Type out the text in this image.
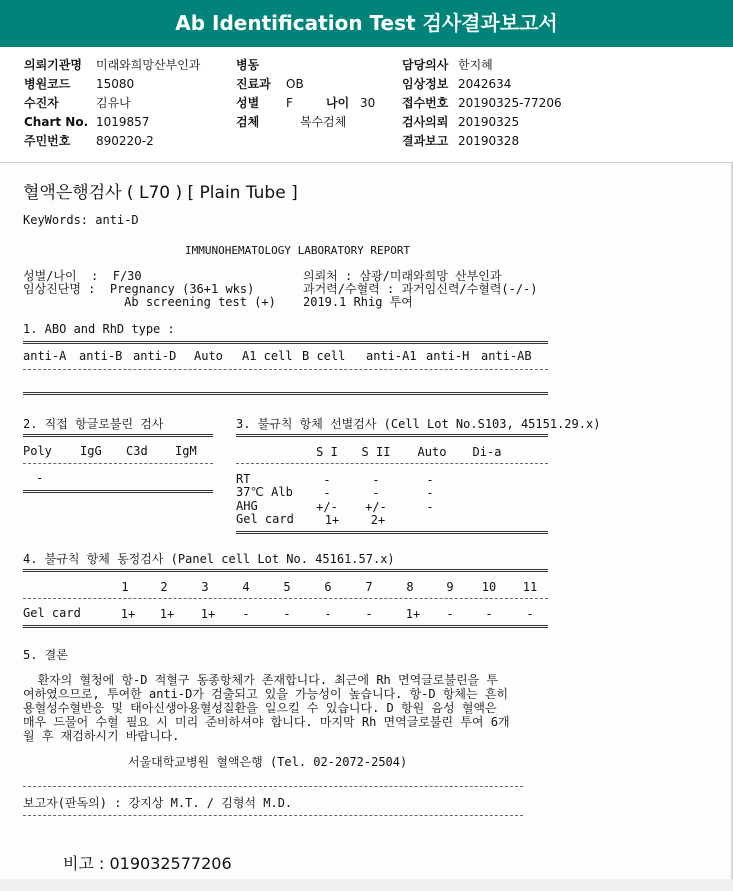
Ab Identification Test 검사결과보고서
의뢰기관명 미래와희망산부인과
병원코드 15080
수진자	김유나
Chart No. 1019857
주민번호 890220-2
병동
진료과 OB
성별 F	나이 30
검체	복수검체
담당의사 한지혜
임상정보 2042634
접수번호 20190325-77206
검사의뢰 20190325
결과보고 20190328
혈액은행검사 ( L70 ) [ Plain Tube ]
KeyWords: anti-D
IMMUNOHEMATOLOGY LABORATORY REPORT
성별/나이  :  F/30
임상진단명 :  Pregnancy (36+1 wks)
Ab screening test (+)
의뢰처 : 삼광/미래와희망 산부인과
과거력/수혈력 : 과거임신력/수혈력(-/-)
2019.1 Rhig 투여
1. ABO and RhD type :
anti-A anti-B anti-D Auto A1 cell B cell anti-A1 anti-H anti-AB
2. 직접 항글로불린 검사
Poly IgG C3d IgM
-
3. 불규칙 항체 선별검사 (Cell Lot No.S103, 45151.29.x)
S I	S II Auto Di-a
RT	-	-	-
37℃ Alb	-	-	-
AHG	+/-	+/-	-
Gel card	1+	2+
4. 불규칙 항체 동정검사 (Panel cell Lot No. 45161.57.x)
1	2	3	4	5	6	7	8	9	10	11
Gel card	1+	1+	1+	-	-	-	-	1+	-	-	-
5. 결론
환자의 혈청에 항-D 적혈구 동종항체가 존재합니다. 최근에 Rh 면역글로불린을 투
여하였으므로, 투여한 anti-D가 검출되고 있을 가능성이 높습니다. 항-D 항체는 흔히
용혈성수혈반응 및 태아신생아용혈성질환을 일으킬 수 있습니다. D 항원 음성 혈액은
매우 드물어 수혈 필요 시 미리 준비하셔야 합니다. 마지막 Rh 면역글로불린 투여 6개
월 후 재검하시기 바랍니다.
서울대학교병원 혈액은행 (Tel. 02-2072-2504)
보고자(판독의) : 강지상 M.T. / 김형석 M.D.
비고 : 019032577206
